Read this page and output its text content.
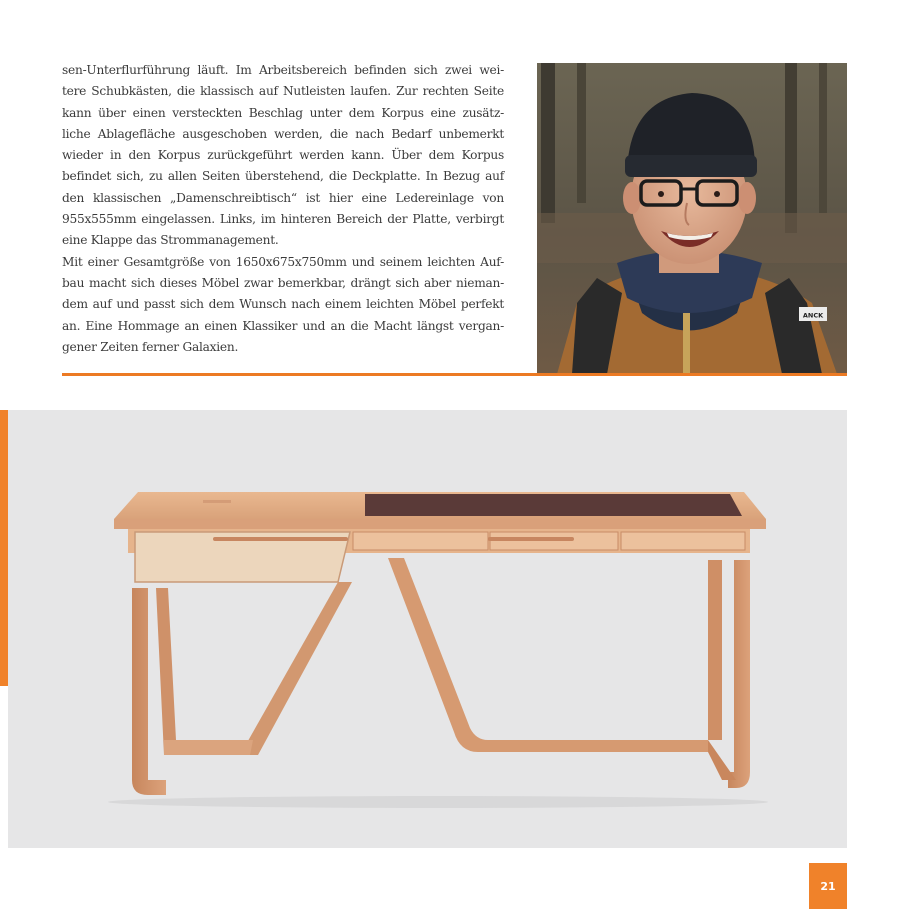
sen-Unterflurführung läuft. Im Arbeitsbereich befinden sich zwei wei-
tere Schubkästen, die klassisch auf Nutleisten laufen. Zur rechten Seite
kann über einen versteckten Beschlag unter dem Korpus eine zusätz-
liche Ablagefläche ausgeschoben werden, die nach Bedarf unbemerkt
wieder in den Korpus zurückgeführt werden kann. Über dem Korpus
befindet sich, zu allen Seiten überstehend, die Deckplatte. In Bezug auf
den klassischen „Damenschreibtisch“ ist hier eine Ledereinlage von
955x555mm eingelassen. Links, im hinteren Bereich der Platte, verbirgt
eine Klappe das Strommanagement.

Mit einer Gesamtgröße von 1650x675x750mm und seinem leichten Auf-
bau macht sich dieses Möbel zwar bemerkbar, drängt sich aber nieman-
dem auf und passt sich dem Wunsch nach einem leichten Möbel perfekt
an. Eine Hommage an einen Klassiker und an die Macht längst vergan-
gener Zeiten ferner Galaxien.

ANCK
21
